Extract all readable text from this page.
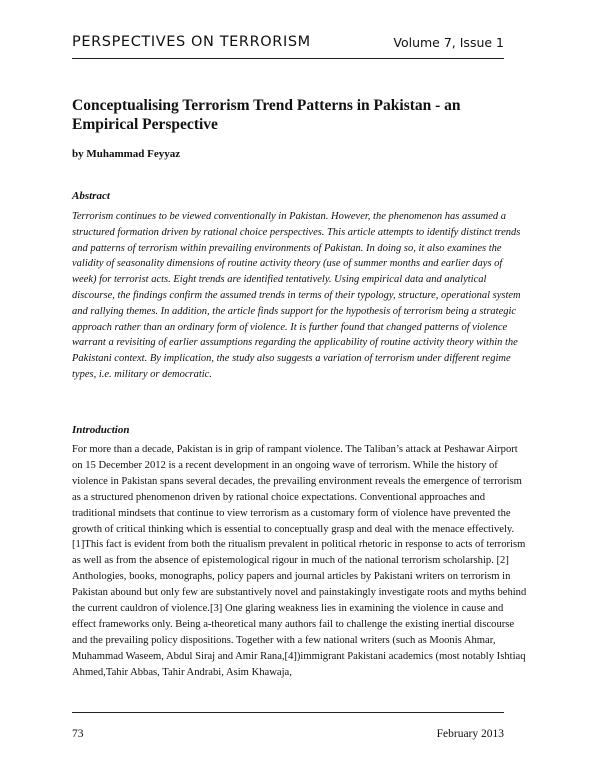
PERSPECTIVES ON TERRORISM	Volume 7, Issue 1
Conceptualising Terrorism Trend Patterns in Pakistan - an Empirical Perspective
by Muhammad Feyyaz
Abstract

Terrorism continues to be viewed conventionally in Pakistan. However, the phenomenon has assumed a structured formation driven by rational choice perspectives. This article attempts to identify distinct trends and patterns of terrorism within prevailing environments of Pakistan. In doing so, it also examines the validity of seasonality dimensions of routine activity theory (use of summer months and earlier days of week) for terrorist acts. Eight trends are identified tentatively. Using empirical data and analytical discourse, the findings confirm the assumed trends in terms of their typology, structure, operational system and rallying themes. In addition, the article finds support for the hypothesis of terrorism being a strategic approach rather than an ordinary form of violence. It is further found that changed patterns of violence warrant a revisiting of earlier assumptions regarding the applicability of routine activity theory within the Pakistani context. By implication, the study also suggests a variation of terrorism under different regime types, i.e. military or democratic.

Introduction

For more than a decade, Pakistan is in grip of rampant violence. The Taliban’s attack at Peshawar Airport on 15 December 2012 is a recent development in an ongoing wave of terrorism. While the history of violence in Pakistan spans several decades, the prevailing environment reveals the emergence of terrorism as a structured phenomenon driven by rational choice expectations. Conventional approaches and traditional mindsets that continue to view terrorism as a customary form of violence have prevented the growth of critical thinking which is essential to conceptually grasp and deal with the menace effectively. [1]This fact is evident from both the ritualism prevalent in political rhetoric in response to acts of terrorism as well as from the absence of epistemological rigour in much of the national terrorism scholarship. [2] Anthologies, books, monographs, policy papers and journal articles by Pakistani writers on terrorism in Pakistan abound but only few are substantively novel and painstakingly investigate roots and myths behind the current cauldron of violence.[3] One glaring weakness lies in examining the violence in cause and effect frameworks only. Being a-theoretical many authors fail to challenge the existing inertial discourse and the prevailing policy dispositions. Together with a few national writers (such as Moonis Ahmar, Muhammad Waseem, Abdul Siraj and Amir Rana,[4])immigrant Pakistani academics (most notably Ishtiaq Ahmed,Tahir Abbas, Tahir Andrabi, Asim Khawaja,

73	February 2013
